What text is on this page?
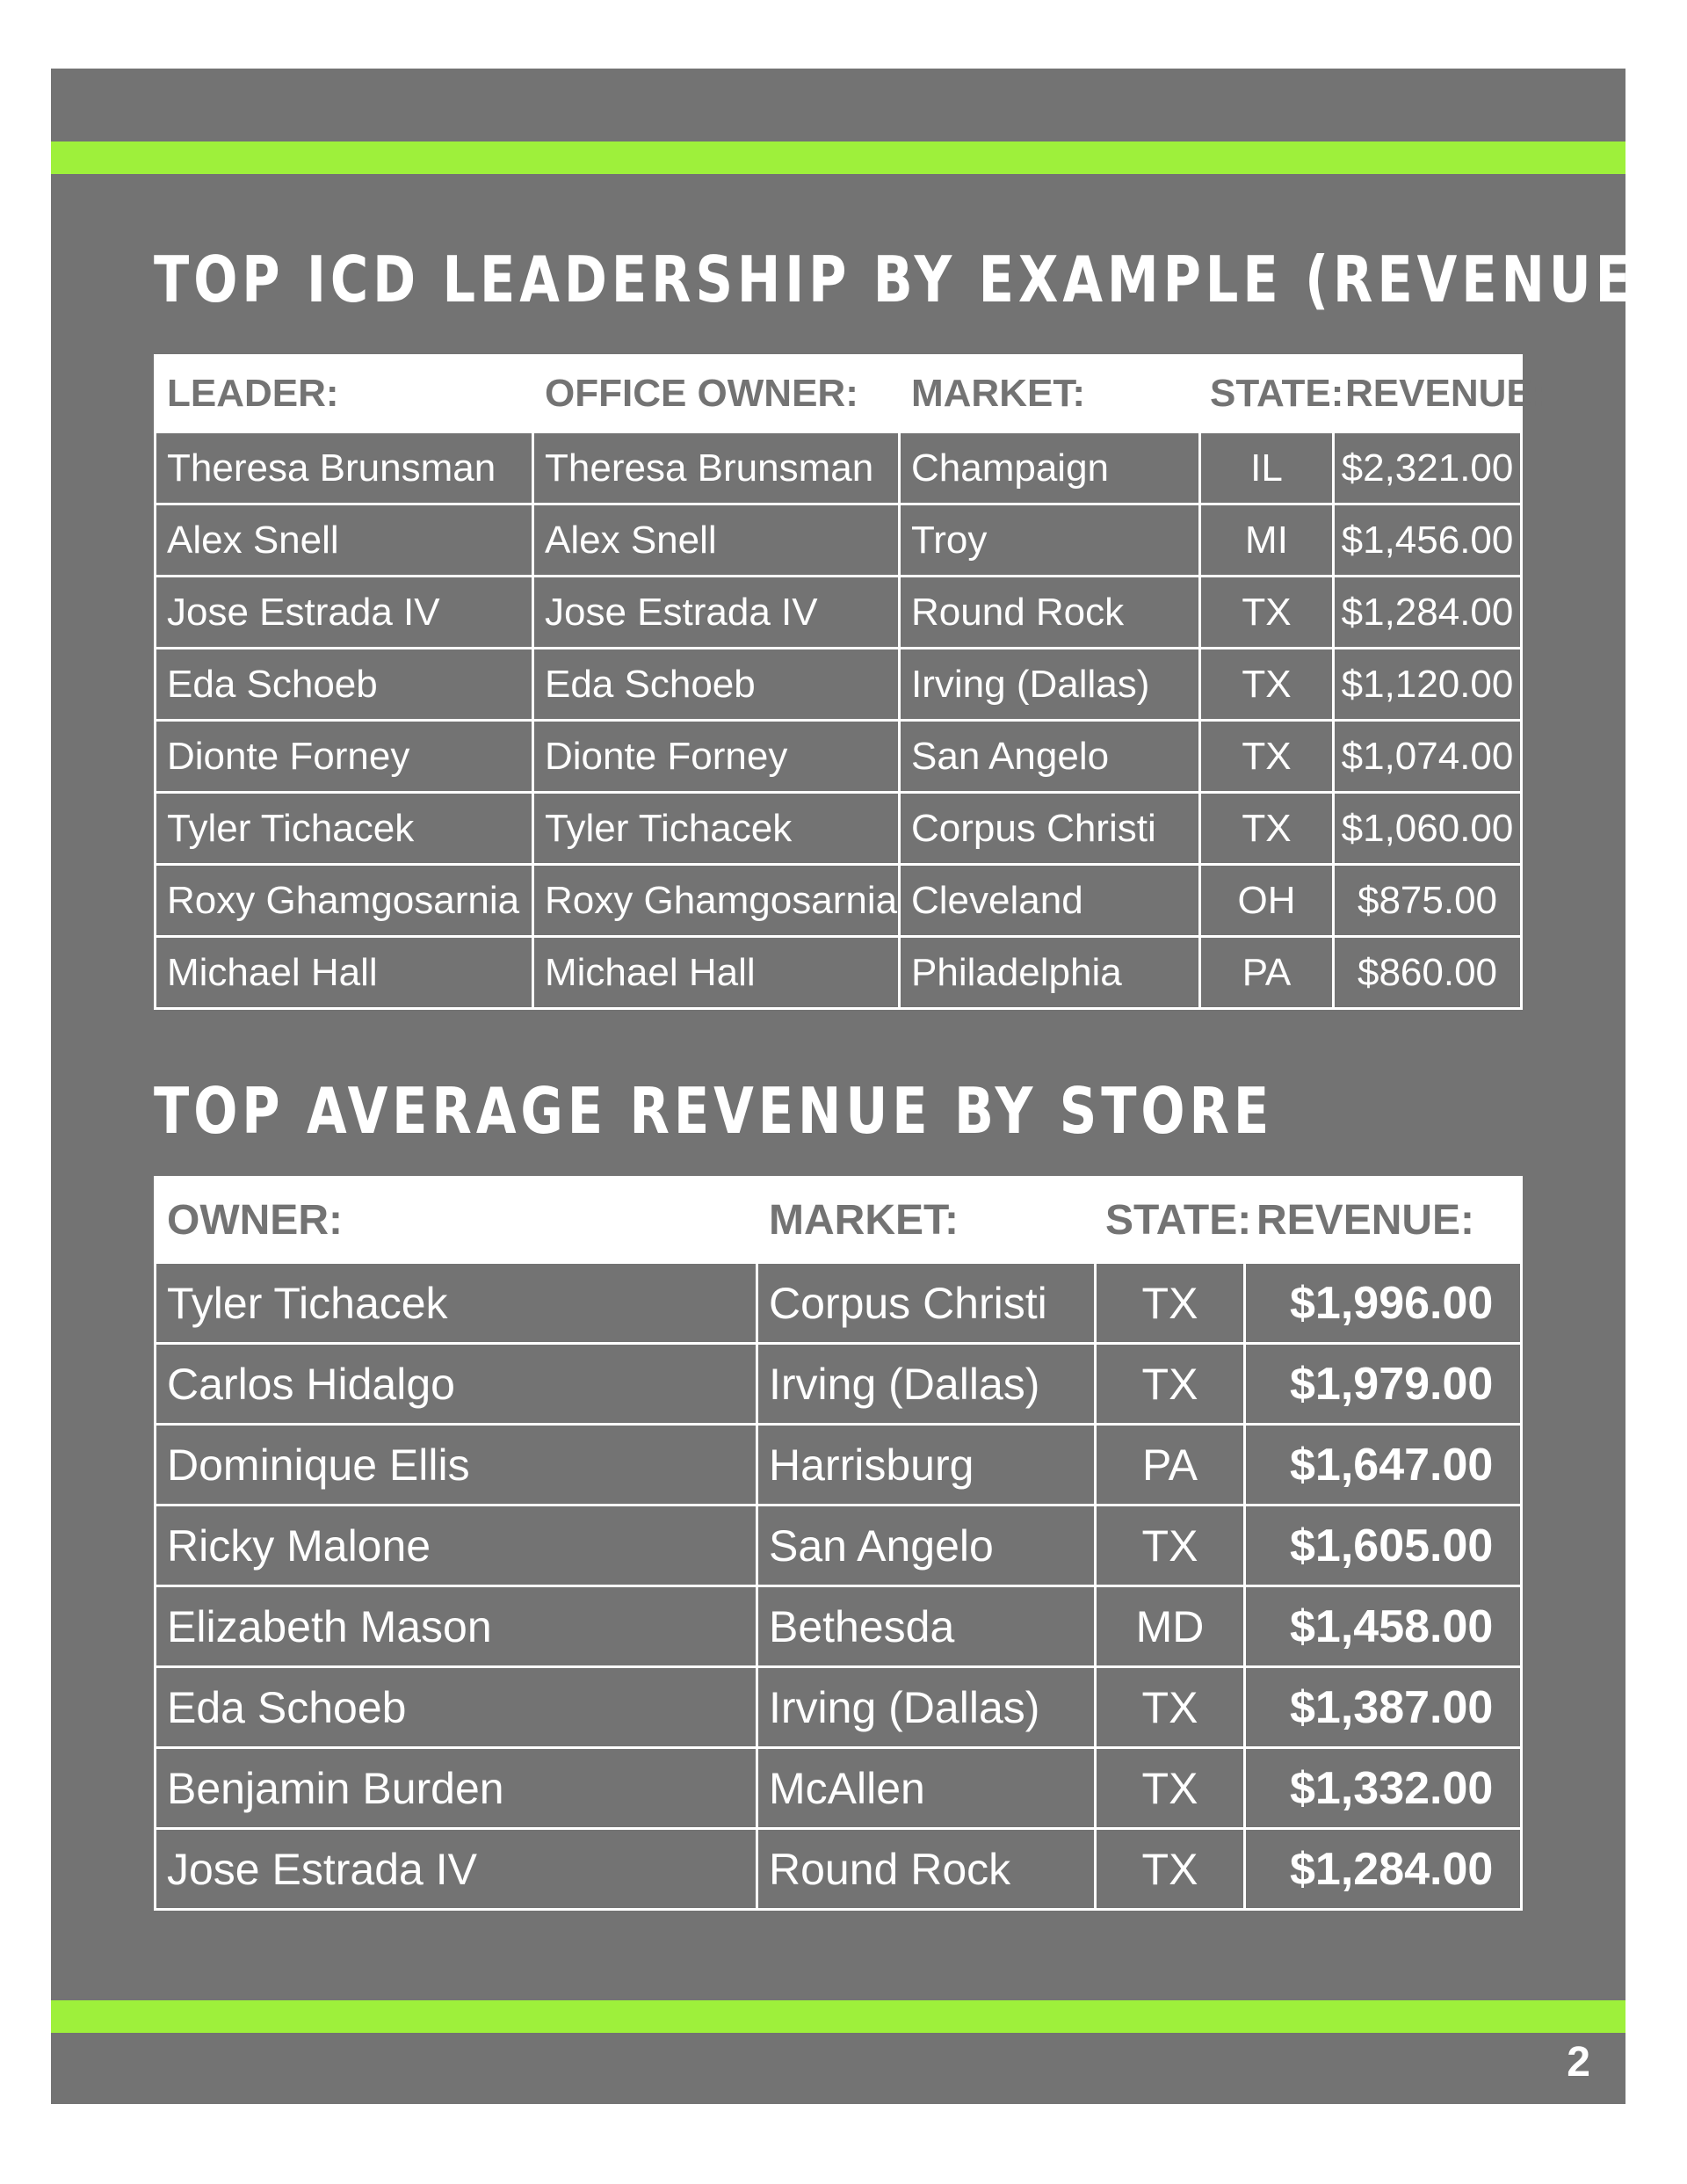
TOP ICD LEADERSHIP BY EXAMPLE (REVENUE)
LEADER:	OFFICE OWNER:	MARKET:	STATE:	REVENUE:
Theresa Brunsman	Theresa Brunsman	Champaign	IL	$2,321.00
Alex Snell	Alex Snell	Troy	MI	$1,456.00
Jose Estrada IV	Jose Estrada IV	Round Rock	TX	$1,284.00
Eda Schoeb	Eda Schoeb	Irving (Dallas)	TX	$1,120.00
Dionte Forney	Dionte Forney	San Angelo	TX	$1,074.00
Tyler Tichacek	Tyler Tichacek	Corpus Christi	TX	$1,060.00
Roxy Ghamgosarnia	Roxy Ghamgosarnia	Cleveland	OH	$875.00
Michael Hall	Michael Hall	Philadelphia	PA	$860.00
TOP AVERAGE REVENUE BY STORE
OWNER:	MARKET:	STATE:	REVENUE:
Tyler Tichacek	Corpus Christi	TX	$1,996.00
Carlos Hidalgo	Irving (Dallas)	TX	$1,979.00
Dominique Ellis	Harrisburg	PA	$1,647.00
Ricky Malone	San Angelo	TX	$1,605.00
Elizabeth Mason	Bethesda	MD	$1,458.00
Eda Schoeb	Irving (Dallas)	TX	$1,387.00
Benjamin Burden	McAllen	TX	$1,332.00
Jose Estrada IV	Round Rock	TX	$1,284.00
2
